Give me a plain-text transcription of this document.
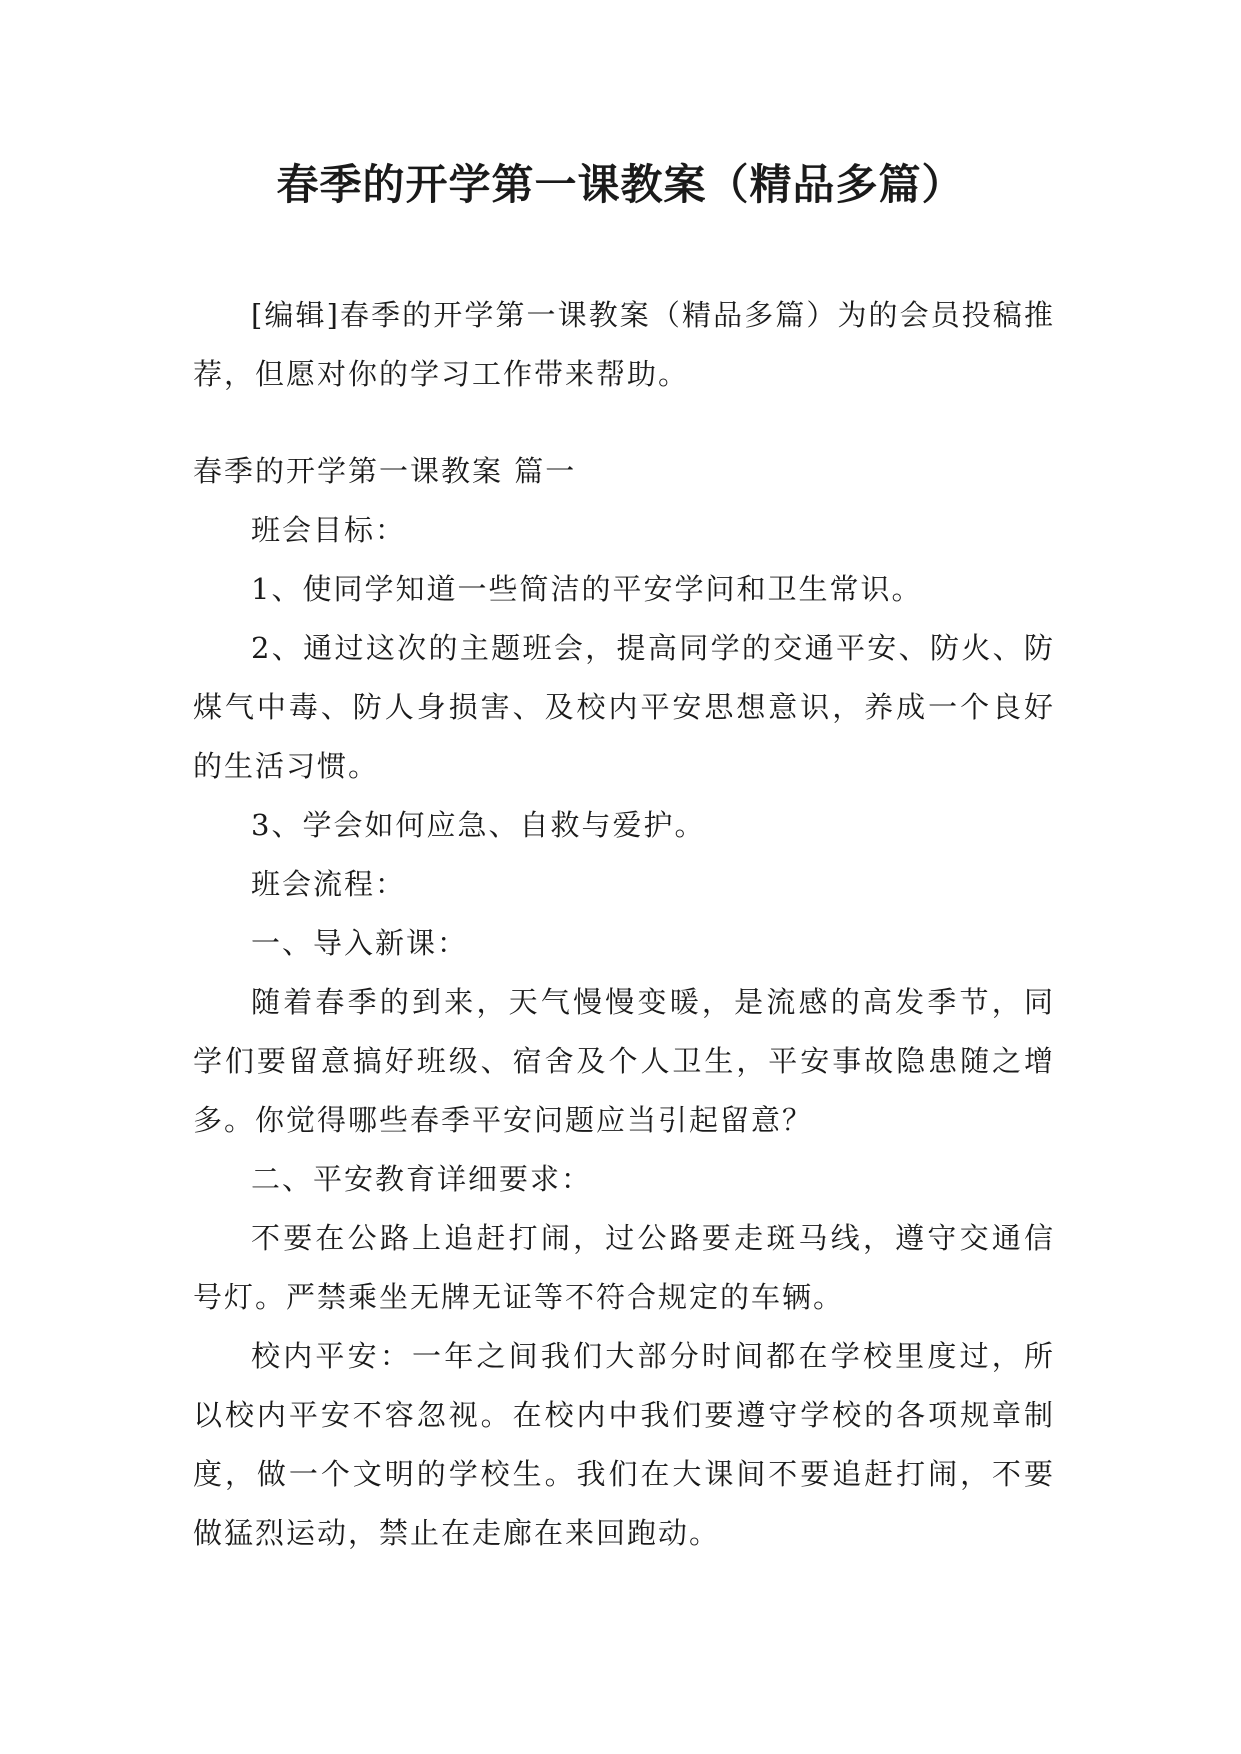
春季的开学第一课教案（精品多篇）

[编辑]春季的开学第一课教案（精品多篇）为的会员投稿推荐，但愿对你的学习工作带来帮助。

春季的开学第一课教案 篇一

班会目标：

1、使同学知道一些简洁的平安学问和卫生常识。

2、通过这次的主题班会，提高同学的交通平安、防火、防煤气中毒、防人身损害、及校内平安思想意识，养成一个良好的生活习惯。

3、学会如何应急、自救与爱护。

班会流程：

一、导入新课：

随着春季的到来，天气慢慢变暖，是流感的高发季节，同学们要留意搞好班级、宿舍及个人卫生，平安事故隐患随之增多。你觉得哪些春季平安问题应当引起留意？

二、平安教育详细要求：

不要在公路上追赶打闹，过公路要走斑马线，遵守交通信号灯。严禁乘坐无牌无证等不符合规定的车辆。

校内平安：一年之间我们大部分时间都在学校里度过，所以校内平安不容忽视。在校内中我们要遵守学校的各项规章制度，做一个文明的学校生。我们在大课间不要追赶打闹，不要做猛烈运动，禁止在走廊在来回跑动。
